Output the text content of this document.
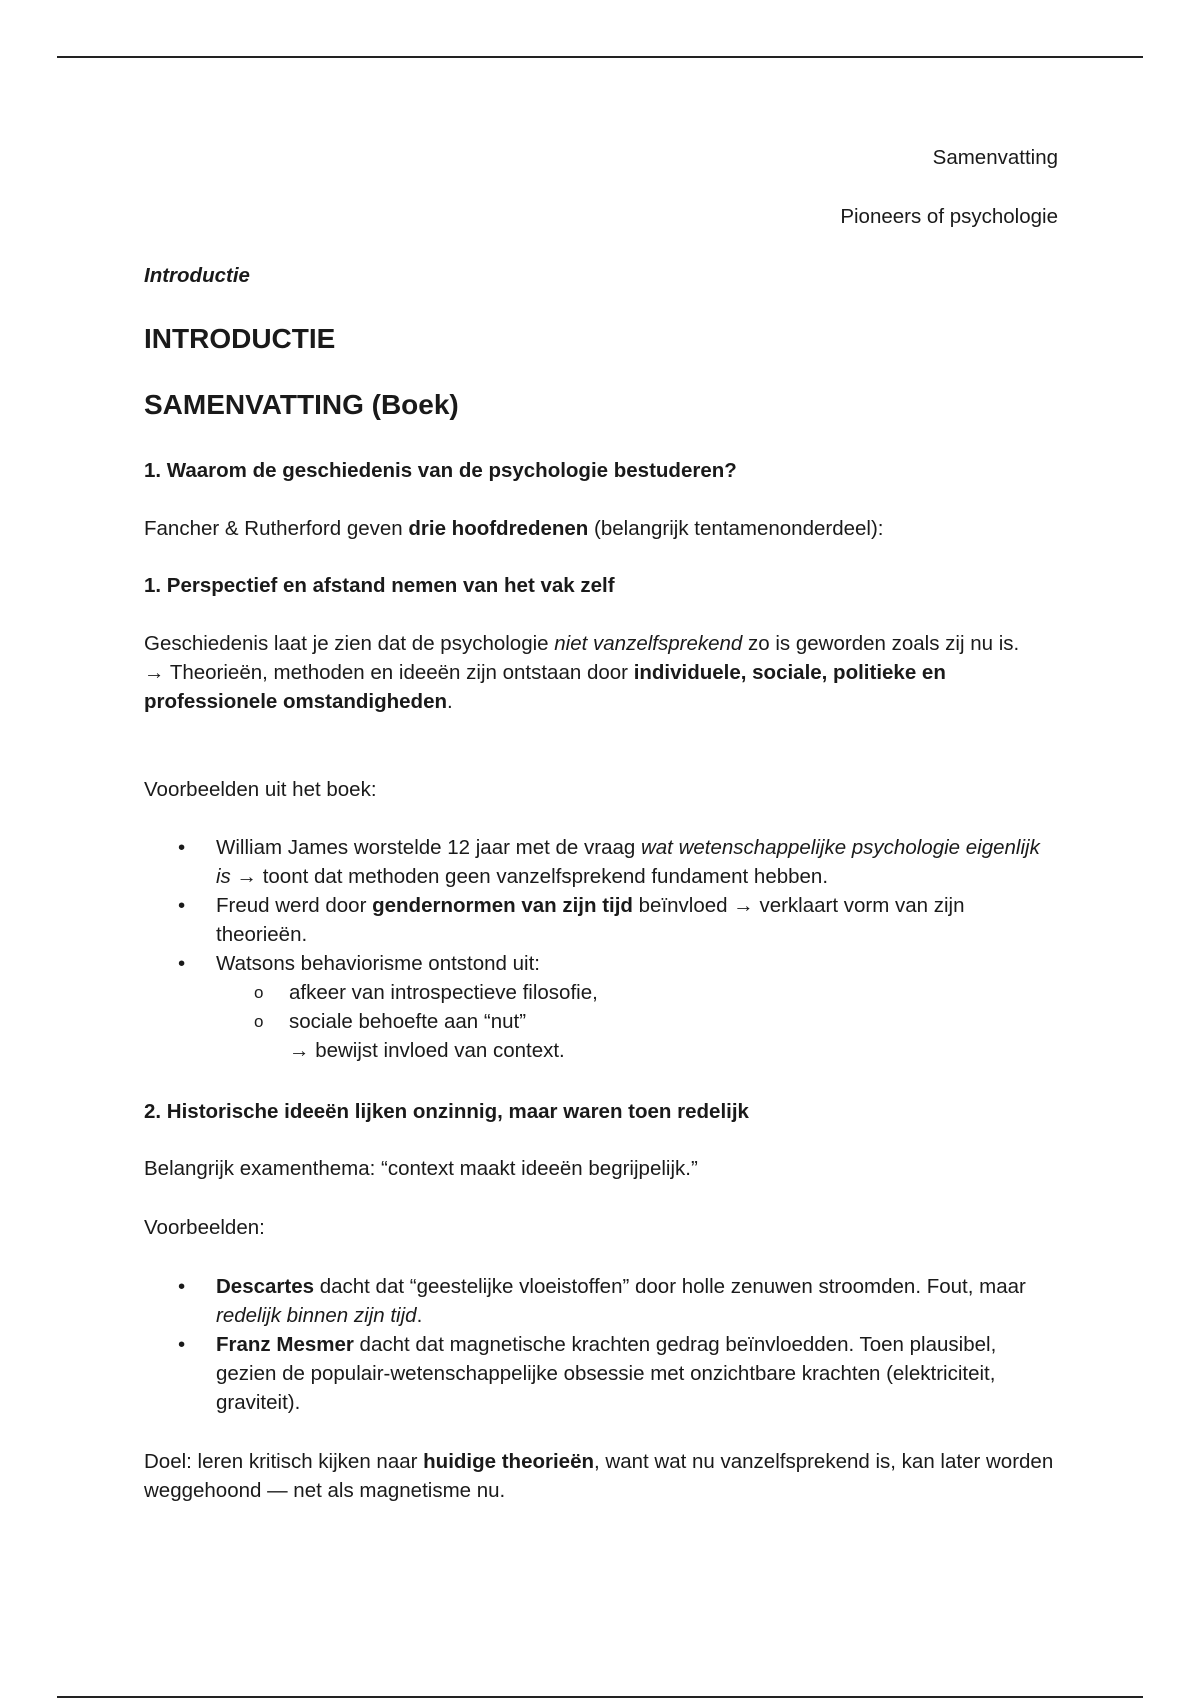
Samenvatting
Pioneers of psychologie

Introductie

INTRODUCTIE

SAMENVATTING (Boek)

1. Waarom de geschiedenis van de psychologie bestuderen?

Fancher & Rutherford geven drie hoofdredenen (belangrijk tentamenonderdeel):

1. Perspectief en afstand nemen van het vak zelf

Geschiedenis laat je zien dat de psychologie niet vanzelfsprekend zo is geworden zoals zij nu is.
→ Theorieën, methoden en ideeën zijn ontstaan door individuele, sociale, politieke en professionele omstandigheden.

Voorbeelden uit het boek:

• William James worstelde 12 jaar met de vraag wat wetenschappelijke psychologie eigenlijk is → toont dat methoden geen vanzelfsprekend fundament hebben.
• Freud werd door gendernormen van zijn tijd beïnvloed → verklaart vorm van zijn theorieën.
• Watsons behaviorisme ontstond uit:
o afkeer van introspectieve filosofie,
o sociale behoefte aan “nut”
→ bewijst invloed van context.

2. Historische ideeën lijken onzinnig, maar waren toen redelijk

Belangrijk examenthema: “context maakt ideeën begrijpelijk.”

Voorbeelden:

• Descartes dacht dat “geestelijke vloeistoffen” door holle zenuwen stroomden. Fout, maar redelijk binnen zijn tijd.
• Franz Mesmer dacht dat magnetische krachten gedrag beïnvloedden. Toen plausibel, gezien de populair-wetenschappelijke obsessie met onzichtbare krachten (elektriciteit, graviteit).

Doel: leren kritisch kijken naar huidige theorieën, want wat nu vanzelfsprekend is, kan later worden weggehoond — net als magnetisme nu.
